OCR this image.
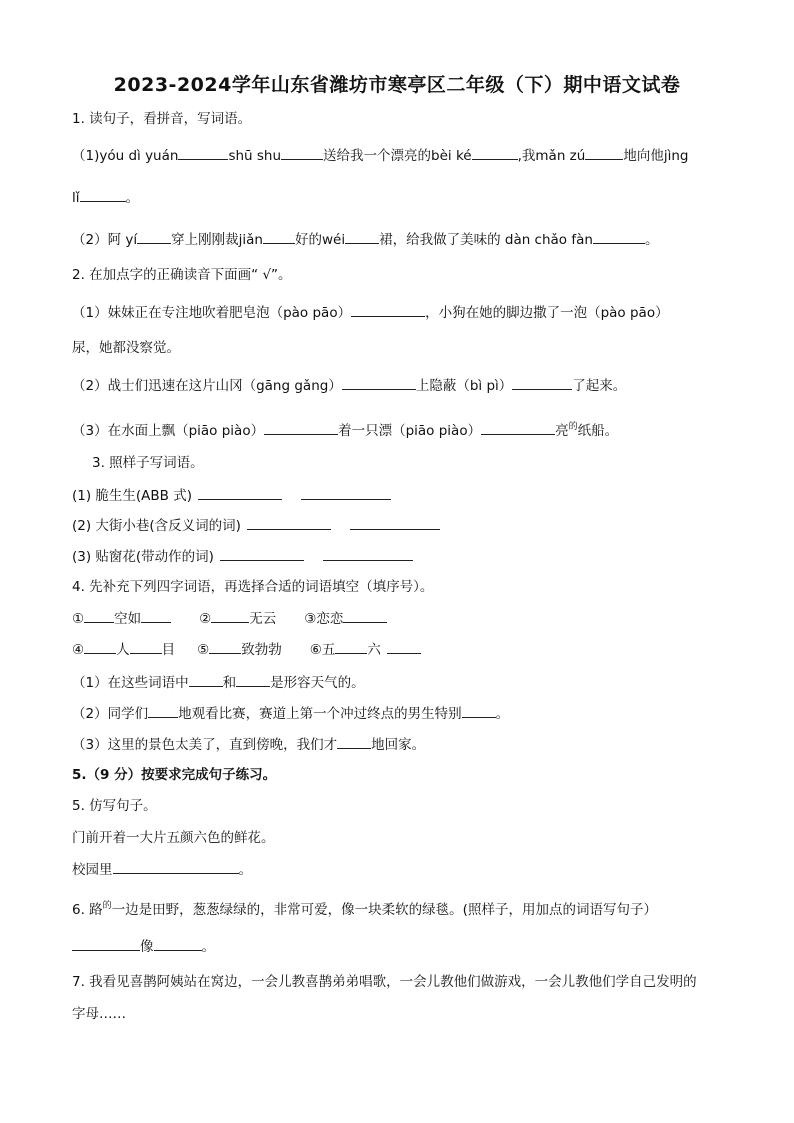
2023-2024学年山东省潍坊市寒亭区二年级（下）期中语文试卷
1. 读句子，看拼音，写词语。
（1)yóu dì yuán	shū shu	送给我一个漂亮的bèi ké	,我mǎn zú	地向他jìng
lǐ	。
（2）阿 yí	穿上刚刚裁jiǎn 好的wéi	裙，给我做了美味的 dàn chǎo fàn	。
2. 在加点字的正确读音下面画“ √”。
（1）妹妹正在专注地吹着肥皂泡（pào pāo）	，小狗在她的脚边撒了一泡（pào pāo）
尿，她都没察觉。
（2）战士们迅速在这片山冈（gāng gǎng）	上隐蔽（bì pì）	了起来。
（3）在水面上飘（piāo piào）	着一只漂（piāo piào）	亮的纸船。
3. 照样子写词语。
(1) 脆生生(ABB 式)
(2) 大街小巷(含反义词的词)
(3) 贴窗花(带动作的词)
4. 先补充下列四字词语，再选择合适的词语填空（填序号）。
① 空如	②	无云 ③恋恋
④ 人 目 ⑤ 致勃勃 ⑥五 六
（1）在这些词语中	和	是形容天气的。
（2）同学们 地观看比赛，赛道上第一个冲过终点的男生特别	。
（3）这里的景色太美了，直到傍晚，我们才	地回家。
5.（9 分）按要求完成句子练习。
5. 仿写句子。
门前开着一大片五颜六色的鲜花。
校园里	。
6. 路$^的$一边是田野，葱葱绿绿的，非常可爱，像一块柔软的绿毯。(照样子，用加点的词语写句子）
像	。
7. 我看见喜鹊阿姨站在窝边，一会儿教喜鹊弟弟唱歌，一会儿教他们做游戏，一会儿教他们学自己发明的
字母……
